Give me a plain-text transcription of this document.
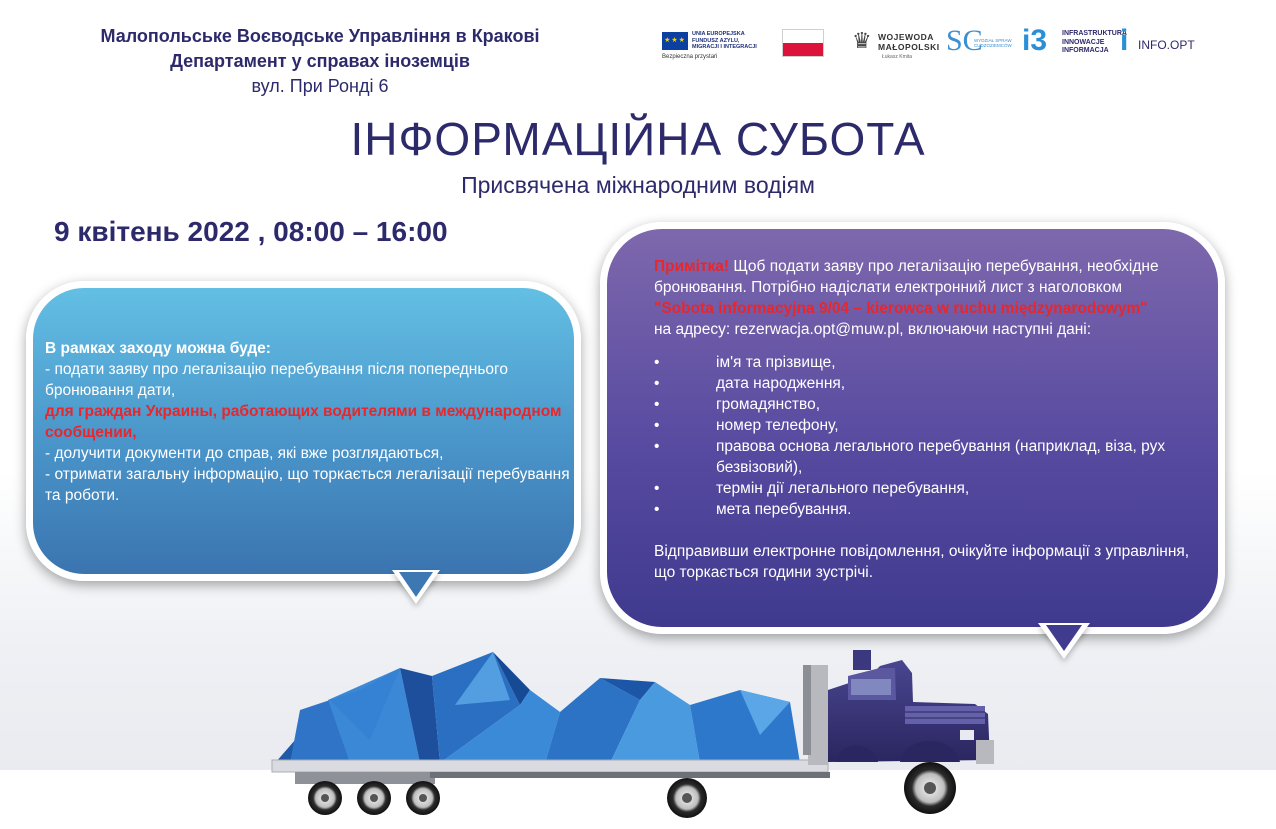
Малопольське Воєводське Управління в Кракові
Департамент у справах іноземців
вул. При Ронді 6
★★★
UNIA EUROPEJSKA FUNDUSZ AZYLU, MIGRACJI I INTEGRACJI
Bezpieczna przystań
♛ WOJEWODA
MAŁOPOLSKI
Łukasz Kmita SC
WYDZIAŁ SPRAW CUDZOZIEMCÓW i3 INFRASTRUKTURA
INNOWACJE
INFORMACJA i INFO.OPT
ІНФОРМАЦІЙНА СУБОТА
Присвячена міжнародним водіям
9 квітень 2022 , 08:00 – 16:00
В рамках заходу можна буде:
- подати заяву про легалізацію перебування після попереднього бронювання дати,
для граждан Украины, работающих водителями в международном сообщении,
- долучити документи до справ, які вже розглядаються,
- отримати загальну інформацію, що торкається легалізації перебування та роботи.
Примітка! Щоб подати заяву про легалізацію перебування, необхідне бронювання. Потрібно надіслати електронний лист з наголовком
"Sobota informacyjna 9/04 – kierowca w ruchu międzynarodowym"
на адресу: rezerwacja.opt@muw.pl, включаючи наступні дані:
•	ім'я та прізвище,
•	дата народження,
•	громадянство,
•	номер телефону,
•	правова основа легального перебування (наприклад, віза, рух безвізовий),
•	термін дії легального перебування,
•	мета перебування.
Відправивши електронне повідомлення, очікуйте інформації з управління, що торкається години зустрічі.
